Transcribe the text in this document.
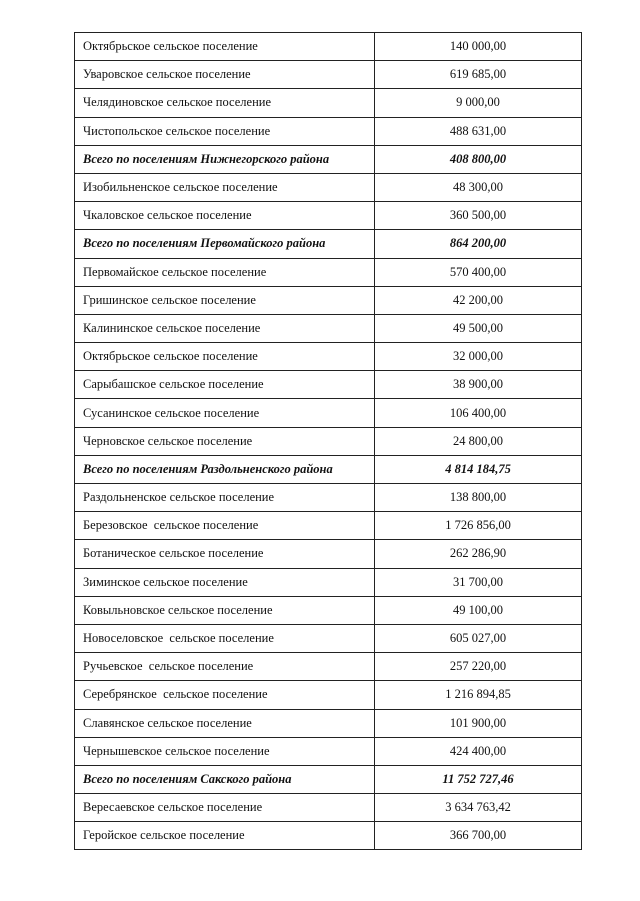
Октябрьское сельское поселение	140 000,00
Уваровское сельское поселение	619 685,00
Челядиновское сельское поселение	9 000,00
Чистопольское сельское поселение	488 631,00
Всего по поселениям Нижнегорского района	408 800,00
Изобильненское сельское поселение	48 300,00
Чкаловское сельское поселение	360 500,00
Всего по поселениям Первомайского района	864 200,00
Первомайское сельское поселение	570 400,00
Гришинское сельское поселение	42 200,00
Калининское сельское поселение	49 500,00
Октябрьское сельское поселение	32 000,00
Сарыбашское сельское поселение	38 900,00
Сусанинское сельское поселение	106 400,00
Черновское сельское поселение	24 800,00
Всего по поселениям Раздольненского района	4 814 184,75
Раздольненское сельское поселение	138 800,00
Березовское  сельское поселение	1 726 856,00
Ботаническое сельское поселение	262 286,90
Зиминское сельское поселение	31 700,00
Ковыльновское сельское поселение	49 100,00
Новоселовское  сельское поселение	605 027,00
Ручьевское  сельское поселение	257 220,00
Серебрянское  сельское поселение	1 216 894,85
Славянское сельское поселение	101 900,00
Чернышевское сельское поселение	424 400,00
Всего по поселениям Сакского района	11 752 727,46
Вересаевское сельское поселение	3 634 763,42
Геройское сельское поселение	366 700,00
